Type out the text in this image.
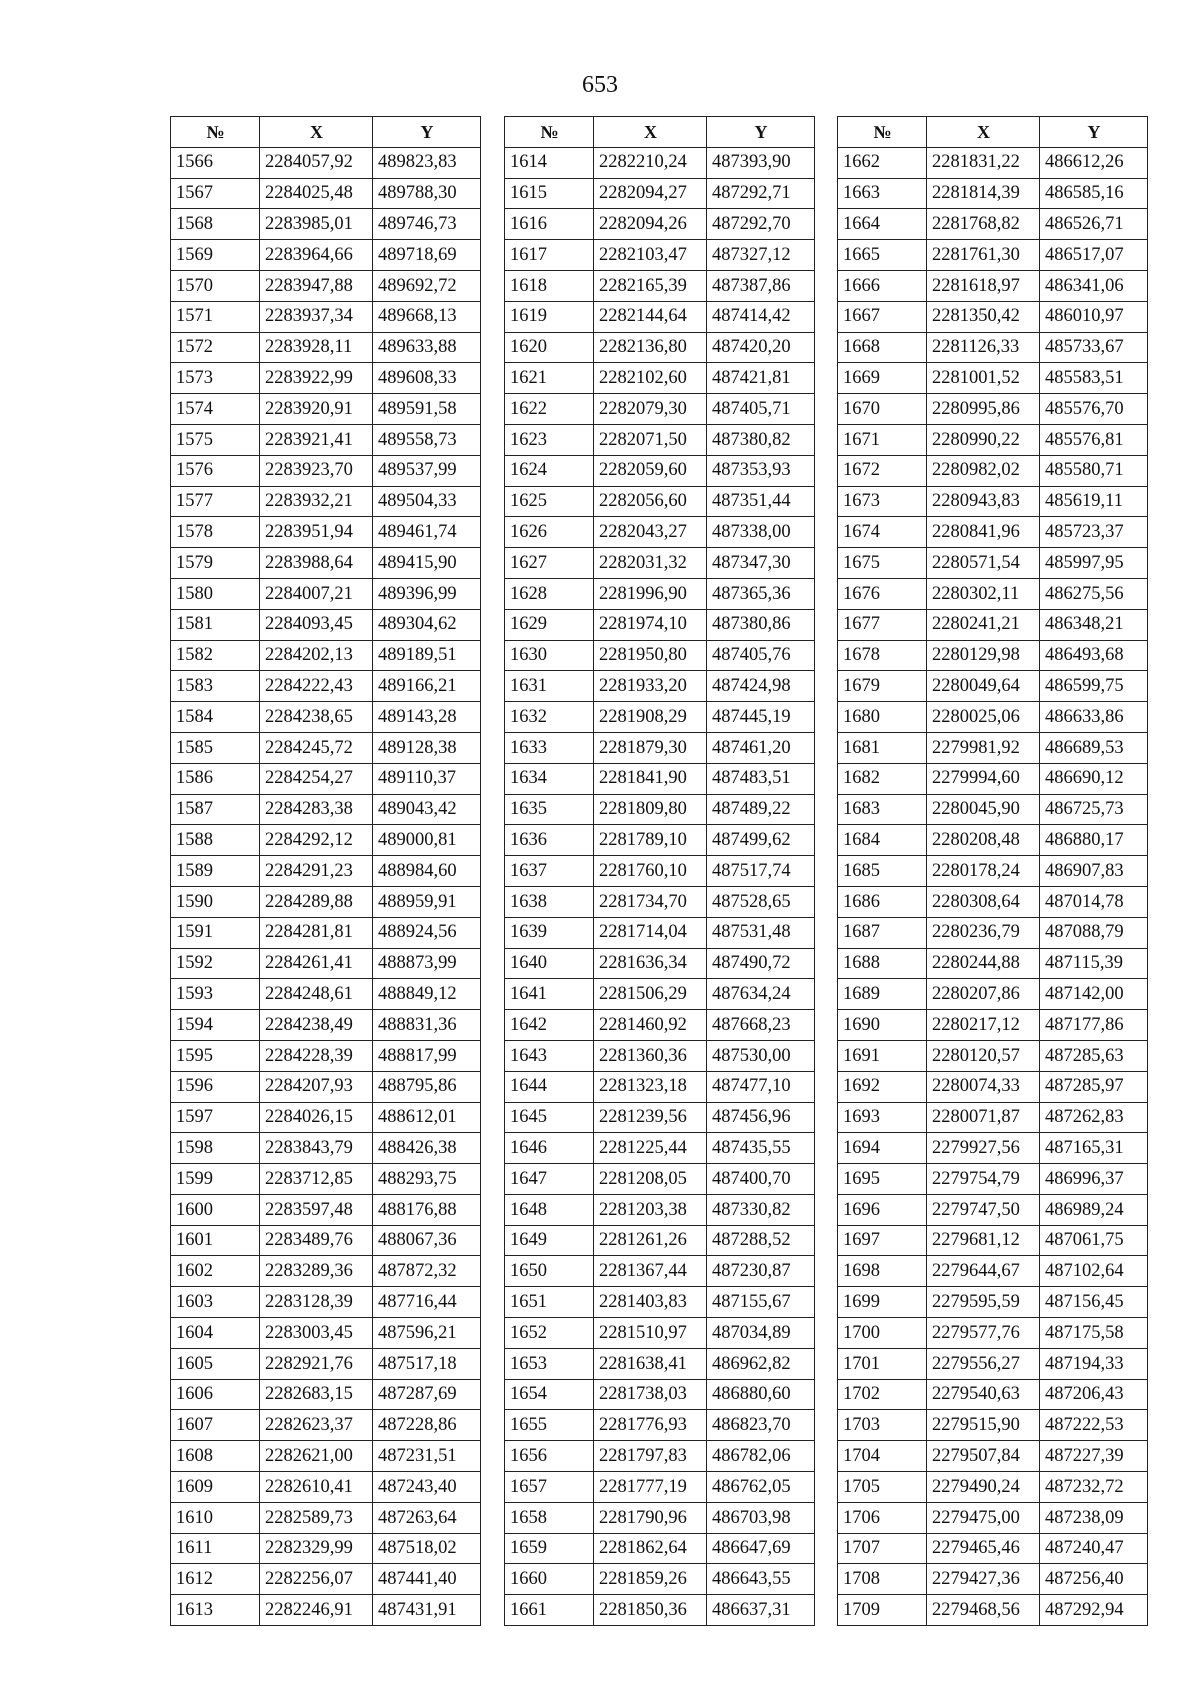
653
№	X	Y
1566	2284057,92	489823,83
1567	2284025,48	489788,30
1568	2283985,01	489746,73
1569	2283964,66	489718,69
1570	2283947,88	489692,72
1571	2283937,34	489668,13
1572	2283928,11	489633,88
1573	2283922,99	489608,33
1574	2283920,91	489591,58
1575	2283921,41	489558,73
1576	2283923,70	489537,99
1577	2283932,21	489504,33
1578	2283951,94	489461,74
1579	2283988,64	489415,90
1580	2284007,21	489396,99
1581	2284093,45	489304,62
1582	2284202,13	489189,51
1583	2284222,43	489166,21
1584	2284238,65	489143,28
1585	2284245,72	489128,38
1586	2284254,27	489110,37
1587	2284283,38	489043,42
1588	2284292,12	489000,81
1589	2284291,23	488984,60
1590	2284289,88	488959,91
1591	2284281,81	488924,56
1592	2284261,41	488873,99
1593	2284248,61	488849,12
1594	2284238,49	488831,36
1595	2284228,39	488817,99
1596	2284207,93	488795,86
1597	2284026,15	488612,01
1598	2283843,79	488426,38
1599	2283712,85	488293,75
1600	2283597,48	488176,88
1601	2283489,76	488067,36
1602	2283289,36	487872,32
1603	2283128,39	487716,44
1604	2283003,45	487596,21
1605	2282921,76	487517,18
1606	2282683,15	487287,69
1607	2282623,37	487228,86
1608	2282621,00	487231,51
1609	2282610,41	487243,40
1610	2282589,73	487263,64
1611	2282329,99	487518,02
1612	2282256,07	487441,40
1613	2282246,91	487431,91
№	X	Y
1614	2282210,24	487393,90
1615	2282094,27	487292,71
1616	2282094,26	487292,70
1617	2282103,47	487327,12
1618	2282165,39	487387,86
1619	2282144,64	487414,42
1620	2282136,80	487420,20
1621	2282102,60	487421,81
1622	2282079,30	487405,71
1623	2282071,50	487380,82
1624	2282059,60	487353,93
1625	2282056,60	487351,44
1626	2282043,27	487338,00
1627	2282031,32	487347,30
1628	2281996,90	487365,36
1629	2281974,10	487380,86
1630	2281950,80	487405,76
1631	2281933,20	487424,98
1632	2281908,29	487445,19
1633	2281879,30	487461,20
1634	2281841,90	487483,51
1635	2281809,80	487489,22
1636	2281789,10	487499,62
1637	2281760,10	487517,74
1638	2281734,70	487528,65
1639	2281714,04	487531,48
1640	2281636,34	487490,72
1641	2281506,29	487634,24
1642	2281460,92	487668,23
1643	2281360,36	487530,00
1644	2281323,18	487477,10
1645	2281239,56	487456,96
1646	2281225,44	487435,55
1647	2281208,05	487400,70
1648	2281203,38	487330,82
1649	2281261,26	487288,52
1650	2281367,44	487230,87
1651	2281403,83	487155,67
1652	2281510,97	487034,89
1653	2281638,41	486962,82
1654	2281738,03	486880,60
1655	2281776,93	486823,70
1656	2281797,83	486782,06
1657	2281777,19	486762,05
1658	2281790,96	486703,98
1659	2281862,64	486647,69
1660	2281859,26	486643,55
1661	2281850,36	486637,31
№	X	Y
1662	2281831,22	486612,26
1663	2281814,39	486585,16
1664	2281768,82	486526,71
1665	2281761,30	486517,07
1666	2281618,97	486341,06
1667	2281350,42	486010,97
1668	2281126,33	485733,67
1669	2281001,52	485583,51
1670	2280995,86	485576,70
1671	2280990,22	485576,81
1672	2280982,02	485580,71
1673	2280943,83	485619,11
1674	2280841,96	485723,37
1675	2280571,54	485997,95
1676	2280302,11	486275,56
1677	2280241,21	486348,21
1678	2280129,98	486493,68
1679	2280049,64	486599,75
1680	2280025,06	486633,86
1681	2279981,92	486689,53
1682	2279994,60	486690,12
1683	2280045,90	486725,73
1684	2280208,48	486880,17
1685	2280178,24	486907,83
1686	2280308,64	487014,78
1687	2280236,79	487088,79
1688	2280244,88	487115,39
1689	2280207,86	487142,00
1690	2280217,12	487177,86
1691	2280120,57	487285,63
1692	2280074,33	487285,97
1693	2280071,87	487262,83
1694	2279927,56	487165,31
1695	2279754,79	486996,37
1696	2279747,50	486989,24
1697	2279681,12	487061,75
1698	2279644,67	487102,64
1699	2279595,59	487156,45
1700	2279577,76	487175,58
1701	2279556,27	487194,33
1702	2279540,63	487206,43
1703	2279515,90	487222,53
1704	2279507,84	487227,39
1705	2279490,24	487232,72
1706	2279475,00	487238,09
1707	2279465,46	487240,47
1708	2279427,36	487256,40
1709	2279468,56	487292,94
